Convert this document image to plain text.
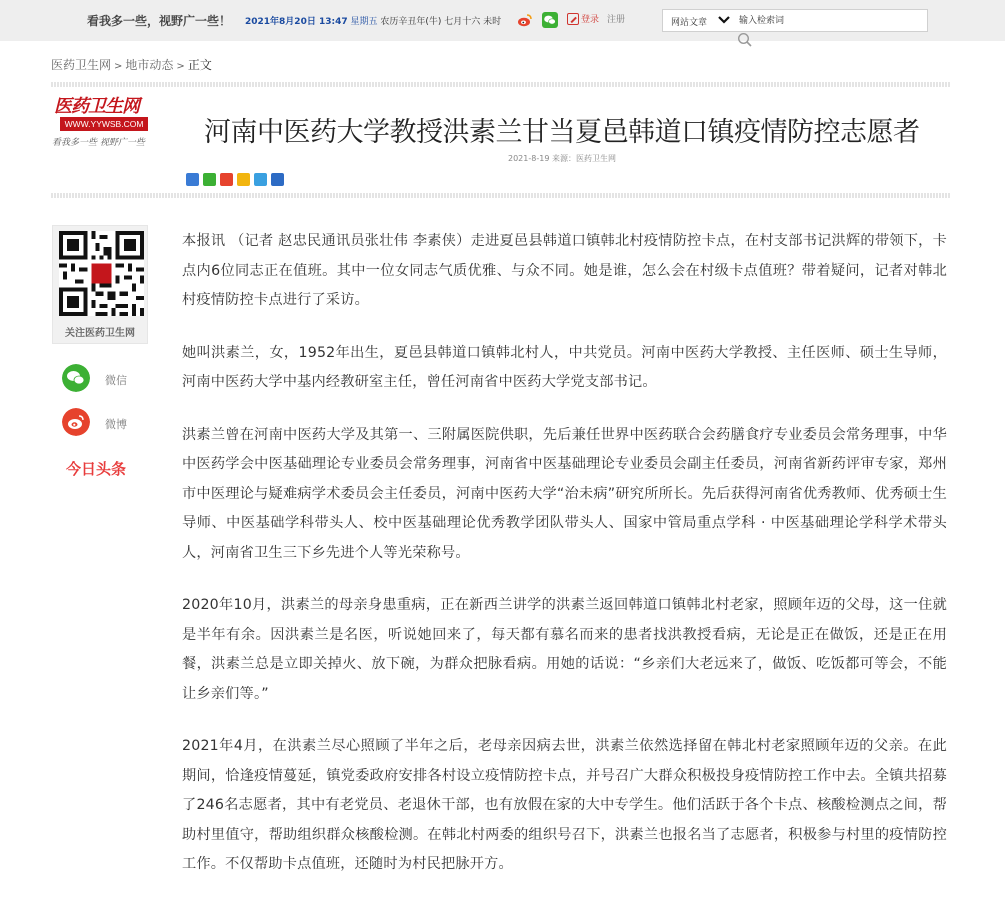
看我多一些，视野广一些！ 2021年8月20日 13:47 星期五 农历辛丑年(牛) 七月十六 未时	登录 注册	网站文章
输入检索词
医药卫生网 > 地市动态 > 正文
医药卫生网
WWW.YYWSB.COM
看我多一些 视野广一些 河南中医药大学教授洪素兰甘当夏邑韩道口镇疫情防控志愿者
2021-8-19 来源：医药卫生网
关注医药卫生网
微信
微博
今日头条

本报讯 （记者 赵忠民通讯员张壮伟 李素侠）走进夏邑县韩道口镇韩北村疫情防控卡点，在村支部书记洪辉的带领下，卡点内6位同志正在值班。其中一位女同志气质优雅、与众不同。她是谁，怎么会在村级卡点值班？带着疑问，记者对韩北村疫情防控卡点进行了采访。

她叫洪素兰，女，1952年出生，夏邑县韩道口镇韩北村人，中共党员。河南中医药大学教授、主任医师、硕士生导师，河南中医药大学中基内经教研室主任，曾任河南省中医药大学党支部书记。

洪素兰曾在河南中医药大学及其第一、三附属医院供职，先后兼任世界中医药联合会药膳食疗专业委员会常务理事，中华中医药学会中医基础理论专业委员会常务理事，河南省中医基础理论专业委员会副主任委员，河南省新药评审专家，郑州市中医理论与疑难病学术委员会主任委员，河南中医药大学“治未病”研究所所长。先后获得河南省优秀教师、优秀硕士生导师、中医基础学科带头人、校中医基础理论优秀教学团队带头人、国家中管局重点学科 · 中医基础理论学科学术带头人，河南省卫生三下乡先进个人等光荣称号。

2020年10月，洪素兰的母亲身患重病，正在新西兰讲学的洪素兰返回韩道口镇韩北村老家，照顾年迈的父母，这一住就是半年有余。因洪素兰是名医，听说她回来了，每天都有慕名而来的患者找洪教授看病，无论是正在做饭，还是正在用餐，洪素兰总是立即关掉火、放下碗，为群众把脉看病。用她的话说：“乡亲们大老远来了，做饭、吃饭都可等会，不能让乡亲们等。”

2021年4月，在洪素兰尽心照顾了半年之后，老母亲因病去世，洪素兰依然选择留在韩北村老家照顾年迈的父亲。在此期间，恰逢疫情蔓延，镇党委政府安排各村设立疫情防控卡点，并号召广大群众积极投身疫情防控工作中去。全镇共招募了246名志愿者，其中有老党员、老退休干部，也有放假在家的大中专学生。他们活跃于各个卡点、核酸检测点之间，帮助村里值守，帮助组织群众核酸检测。在韩北村两委的组织号召下，洪素兰也报名当了志愿者，积极参与村里的疫情防控工作。不仅帮助卡点值班，还随时为村民把脉开方。
